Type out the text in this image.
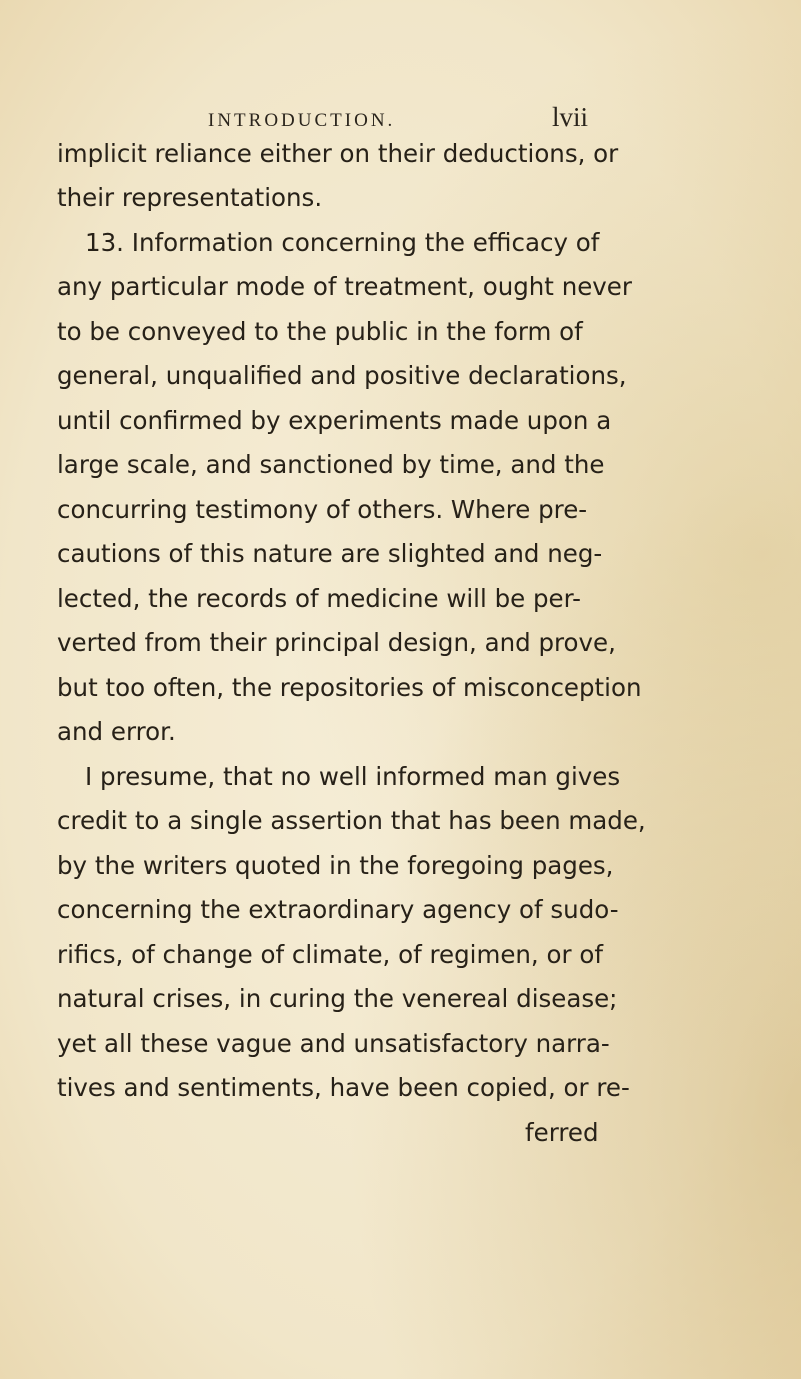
INTRODUCTION.	lvii
implicit reliance either on their deductions, or
their representations.
13. Information concerning the efficacy of
any particular mode of treatment, ought never
to be conveyed to the public in the form of
general, unqualified and positive declarations,
until confirmed by experiments made upon a
large scale, and sanctioned by time, and the
concurring testimony of others. Where pre-
cautions of this nature are slighted and neg-
lected, the records of medicine will be per-
verted from their principal design, and prove,
but too often, the repositories of misconception
and error.
I presume, that no well informed man gives
credit to a single assertion that has been made,
by the writers quoted in the foregoing pages,
concerning the extraordinary agency of sudo-
rifics, of change of climate, of regimen, or of
natural crises, in curing the venereal disease;
yet all these vague and unsatisfactory narra-
tives and sentiments, have been copied, or re-
ferred
